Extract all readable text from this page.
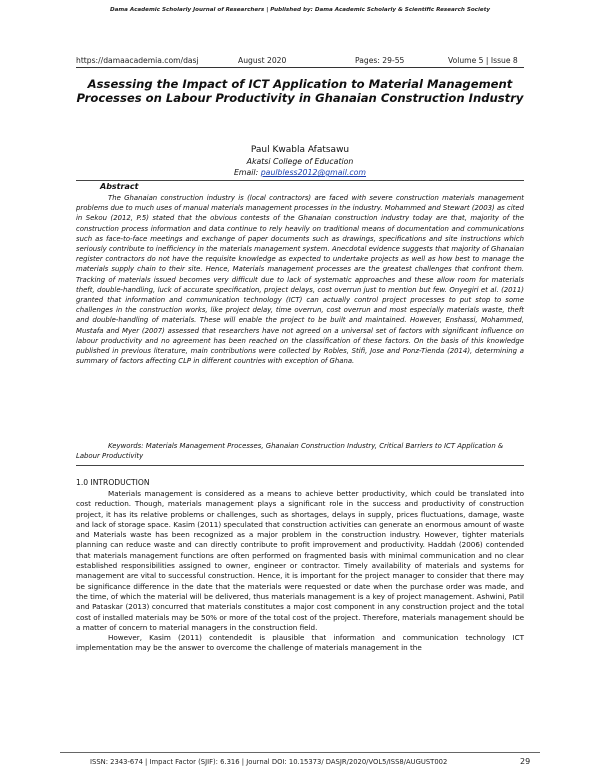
Dama Academic Scholarly Journal of Researchers | Published by: Dama Academic Scholarly & Scientific Research Society
https://damaacademia.com/dasj	August 2020	Pages: 29-55	Volume 5 | Issue 8
Assessing the Impact of ICT Application to Material Management Processes on Labour Productivity in Ghanaian Construction Industry
Paul Kwabla Afatsawu
Akatsi College of Education
Email: paulbless2012@gmail.com
Abstract

The Ghanaian construction industry is (local contractors) are faced with severe construction materials management problems due to much uses of manual materials management processes in the industry. Mohammed and Stewart (2003) as cited in Sekou (2012, P.5) stated that the obvious contests of the Ghanaian construction industry today are that, majority of the construction process information and data continue to rely heavily on traditional means of documentation and communications such as face-to-face meetings and exchange of paper documents such as drawings, specifications and site instructions which seriously contribute to inefficiency in the materials management system. Anecdotal evidence suggests that majority of Ghanaian register contractors do not have the requisite knowledge as expected to undertake projects as well as how best to manage the materials supply chain to their site. Hence, Materials management processes are the greatest challenges that confront them. Tracking of materials issued becomes very difficult due to lack of systematic approaches and these allow room for materials theft, double-handling, luck of accurate specification, project delays, cost overrun just to mention but few. Onyegiri et al. (2011) granted that information and communication technology (ICT) can actually control project processes to put stop to some challenges in the construction works, like project delay, time overrun, cost overrun and most especially materials waste, theft and double-handling of materials. These will enable the project to be built and maintained. However, Enshassi, Mohammed, Mustafa and Myer (2007) assessed that researchers have not agreed on a universal set of factors with significant influence on labour productivity and no agreement has been reached on the classification of these factors. On the basis of this knowledge published in previous literature, main contributions were collected by Robles, Stifi, Jose and Ponz-Tienda (2014), determining a summary of factors affecting CLP in different countries with exception of Ghana.

Keywords: Materials Management Processes, Ghanaian Construction Industry, Critical Barriers to ICT Application & Labour Productivity

1.0 INTRODUCTION

Materials management is considered as a means to achieve better productivity, which could be translated into cost reduction. Though, materials management plays a significant role in the success and productivity of construction project, it has its relative problems or challenges, such as shortages, delays in supply, prices fluctuations, damage, waste and lack of storage space. Kasim (2011) speculated that construction activities can generate an enormous amount of waste and Materials waste has been recognized as a major problem in the construction industry. However, tighter materials planning can reduce waste and can directly contribute to profit improvement and productivity. Haddah (2006) contended that materials management functions are often performed on fragmented basis with minimal communication and no clear established responsibilities assigned to owner, engineer or contractor. Timely availability of materials and systems for management are vital to successful construction. Hence, it is important for the project manager to consider that there may be significance difference in the date that the materials were requested or date when the purchase order was made, and the time, of which the material will be delivered, thus materials management is a key of project management. Ashwini, Patil and Pataskar (2013) concurred that materials constitutes a major cost component in any construction project and the total cost of installed materials may be 50% or more of the total cost of the project. Therefore, materials management should be a matter of concern to material managers in the construction field.

However, Kasim (2011) contendedit is plausible that information and communication technology ICT implementation may be the answer to overcome the challenge of materials management in the

ISSN: 2343-674 | Impact Factor (SJIF): 6.316 | Journal DOI: 10.15373/ DASJR/2020/VOL5/ISS8/AUGUST002	29
